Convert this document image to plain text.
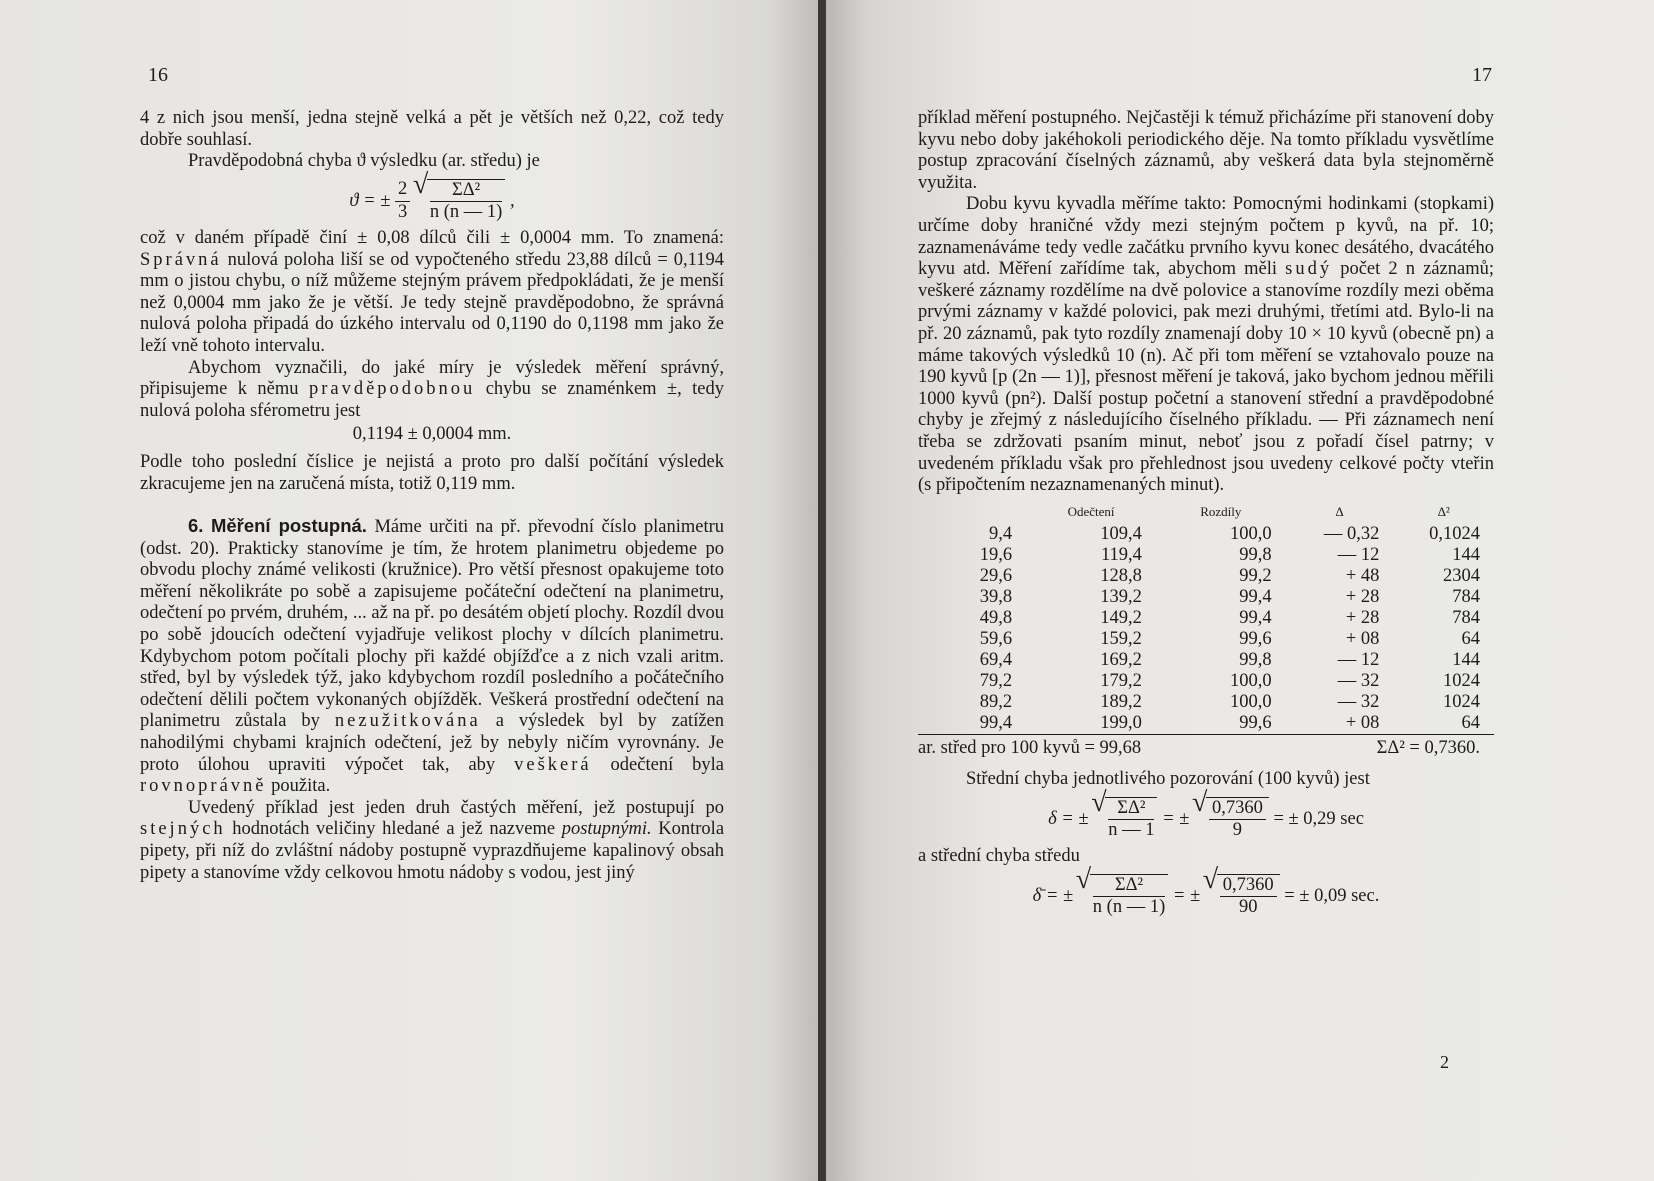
16

4 z nich jsou menší, jedna stejně velká a pět je větších než 0,22, což tedy dobře souhlasí.

Pravděpodobná chyba ϑ výsledku (ar. středu) je

ϑ = ± $\frac{2}{3}$
√ $\frac{\text{ΣΔ²}}{n (n — 1)}$ ,

což v daném případě činí ± 0,08 dílců čili ± 0,0004 mm. To znamená: Správná nulová poloha liší se od vypočteného středu 23,88 dílců = 0,1194 mm o jistou chybu, o níž můžeme stejným právem předpokládati, že je menší než 0,0004 mm jako že je větší. Je tedy stejně pravděpodobno, že správná nulová poloha připadá do úzkého intervalu od 0,1190 do 0,1198 mm jako že leží vně tohoto intervalu.

Abychom vyznačili, do jaké míry je výsledek měření správný, připisujeme k němu pravděpodobnou chybu se znaménkem ±, tedy nulová poloha sférometru jest

0,1194 ± 0,0004 mm.

Podle toho poslední číslice je nejistá a proto pro další počítání výsledek zkracujeme jen na zaručená místa, totiž 0,119 mm.

6. Měření postupná. Máme určiti na př. převodní číslo planimetru (odst. 20). Prakticky stanovíme je tím, že hrotem planimetru objedeme po obvodu plochy známé velikosti (kružnice). Pro větší přesnost opakujeme toto měření několikráte po sobě a zapisujeme počáteční odečtení na planimetru, odečtení po prvém, druhém, ... až na př. po desátém objetí plochy. Rozdíl dvou po sobě jdoucích odečtení vyjadřuje velikost plochy v dílcích planimetru. Kdybychom potom počítali plochy při každé objížďce a z nich vzali aritm. střed, byl by výsledek týž, jako kdybychom rozdíl posledního a počátečního odečtení dělili počtem vykonaných objížděk. Veškerá prostřední odečtení na planimetru zůstala by nezužitkována a výsledek byl by zatížen nahodilými chybami krajních odečtení, jež by nebyly ničím vyrovnány. Je proto úlohou upraviti výpočet tak, aby veškerá odečtení byla rovnoprávně použita.

Uvedený příklad jest jeden druh častých měření, jež postupují po stejných hodnotách veličiny hledané a jež nazveme postupnými. Kontrola pipety, při níž do zvláštní nádoby postupně vyprazdňujeme kapalinový obsah pipety a stanovíme vždy celkovou hmotu nádoby s vodou, jest jiný

17

příklad měření postupného. Nejčastěji k témuž přicházíme při stanovení doby kyvu nebo doby jakéhokoli periodického děje. Na tomto příkladu vysvětlíme postup zpracování číselných záznamů, aby veškerá data byla stejnoměrně využita.

Dobu kyvu kyvadla měříme takto: Pomocnými hodinkami (stopkami) určíme doby hraničné vždy mezi stejným počtem p kyvů, na př. 10; zaznamenáváme tedy vedle začátku prvního kyvu konec desátého, dvacátého kyvu atd. Měření zařídíme tak, abychom měli sudý počet 2 n záznamů; veškeré záznamy rozdělíme na dvě polovice a stanovíme rozdíly mezi oběma prvými záznamy v každé polovici, pak mezi druhými, třetími atd. Bylo-li na př. 20 záznamů, pak tyto rozdíly znamenají doby 10 × 10 kyvů (obecně pn) a máme takových výsledků 10 (n). Ač při tom měření se vztahovalo pouze na 190 kyvů [p (2n — 1)], přesnost měření je taková, jako bychom jednou měřili 1000 kyvů (pn²). Další postup početní a stanovení střední a pravděpodobné chyby je zřejmý z následujícího číselného příkladu. — Při záznamech není třeba se zdržovati psaním minut, neboť jsou z pořadí čísel patrny; v uvedeném příkladu však pro přehlednost jsou uvedeny celkové počty vteřin (s připočtením nezaznamenaných minut).

	Odečtení	Rozdíly	Δ	Δ²
9,4	109,4	100,0	— 0,32	0,1024
19,6	119,4	99,8	— 12	144
29,6	128,8	99,2	+ 48	2304
39,8	139,2	99,4	+ 28	784
49,8	149,2	99,4	+ 28	784
59,6	159,2	99,6	+ 08	64
69,4	169,2	99,8	— 12	144
79,2	179,2	100,0	— 32	1024
89,2	189,2	100,0	— 32	1024
99,4	199,0	99,6	+ 08	64
ar. střed pro 100 kyvů = 99,68			ΣΔ² = 0,7360.	

Střední chyba jednotlivého pozorování (100 kyvů) jest

δ = ± √ $\frac{\text{ΣΔ²}}{n — 1}$ = ± √ $\frac{0,7360}{9}$ = ± 0,29 sec

a střední chyba středu

δ̄ = ± √ $\frac{\text{ΣΔ²}}{n (n — 1)}$ = ± √ $\frac{0,7360}{90}$ = ± 0,09 sec.
2
